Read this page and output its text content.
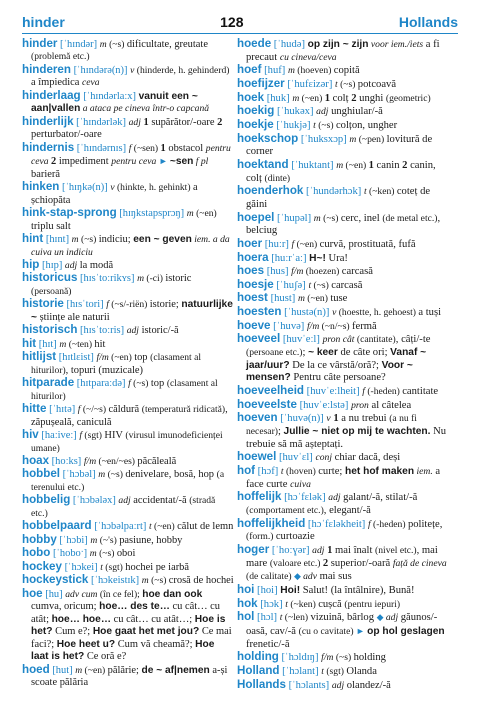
hinder	128	Hollands

hinder [ˈhɪndər] m (~s) dificultate, greutate (problemă etc.)

hinderen [ˈhɪndərə(n)] v (hinderde, h. gehinderd) a împiedica ceva

hinderlaag [ˈhɪndərlaːx] vanuit een ~ aan|vallen a ataca pe cineva într-o capcană

hinderlijk [ˈhɪndərlək] adj 1 supărător/-oare 2 perturbator/-oare

hindernis [ˈhɪndərnɪs] f (~sen) 1 obstacol pentru ceva 2 impediment pentru ceva ► ~sen f pl barieră

hinken [ˈhɪŋkə(n)] v (hinkte, h. gehinkt) a șchiopăta

hink-stap-sprong [hɪŋkstapsprɔŋ] m (~en) triplu salt

hint [hɪnt] m (~s) indiciu; een ~ geven iem. a da cuiva un indiciu

hip [hɪp] adj la modă

historicus [hɪsˈtoːrikʏs] m (-ci) istoric (persoană)

historie [hɪsˈtori] f (~s/-riën) istorie; natuurlijke ~ științe ale naturii

historisch [hɪsˈtoːris] adj istoric/-ă

hit [hɪt] m (~ten) hit

hitlijst [hɪtlɛist] f/m (~en) top (clasament al hiturilor), topuri (muzicale)

hitparade [hɪtparaːdə] f (~s) top (clasament al hiturilor)

hitte [ˈhɪtə] f (~/~s) căldură (temperatură ridicată), zăpușeală, caniculă

hiv [haːiveː] f (sgt) HIV (virusul imunodeficienței umane)

hoax [hoːks] f/m (~en/~es) păcăleală

hobbel [ˈhɔbəl] m (~s) denivelare, bosă, hop (a terenului etc.)

hobbelig [ˈhɔbələx] adj accidentat/-ă (stradă etc.)

hobbelpaard [ˈhɔbəlpaːrt] t (~en) călut de lemn

hobby [ˈhɔbi] m (~'s) pasiune, hobby

hobo [ˈhoboˑ] m (~s) oboi

hockey [ˈhɔkei] t (sgt) hochei pe iarbă

hockeystick [ˈhɔkeistɪk] m (~s) crosă de hochei

hoe [hu] adv cum (în ce fel); hoe dan ook cumva, oricum; hoe… des te… cu cât… cu atât; hoe… hoe… cu cât… cu atât…; Hoe is het? Cum e?; Hoe gaat het met jou? Ce mai faci?; Hoe heet u? Cum vă cheamă?; Hoe laat is het? Ce oră e?

hoed [hut] m (~en) pălărie; de ~ af|nemen a-și scoate pălăria

hoede [ˈhudə] op zijn ~ zijn voor iem./iets a fi precaut cu cineva/ceva

hoef [huf] m (hoeven) copită

hoefijzer [ˈhufɛizər] t (~s) potcoavă

hoek [huk] m (~en) 1 colț 2 unghi (geometric)

hoekig [ˈhukəx] adj unghiular/-ă

hoekje [ˈhukjə] t (~s) colțon, ungher

hoekschop [ˈhuksxɔp] m (~pen) lovitură de corner

hoektand [ˈhuktant] m (~en) 1 canin 2 canin, colț (dinte)

hoenderhok [ˈhundərhɔk] t (~ken) coteț de găini

hoepel [ˈhupəl] m (~s) cerc, inel (de metal etc.), belciug

hoer [huːr] f (~en) curvă, prostituată, fufă

hoera [huːrˈaː] H~! Ura!

hoes [hus] f/m (hoezen) carcasă

hoesje [ˈhuʃə] t (~s) carcasă

hoest [hust] m (~en) tuse

hoesten [ˈhustə(n)] v (hoestte, h. gehoest) a tuși

hoeve [ˈhuvə] f/m (~n/~s) fermă

hoeveel [huvˈeːl] pron cât (cantitate), câți/-te (persoane etc.); ~ keer de câte ori; Vanaf ~ jaar/uur? De la ce vârstă/oră?; Voor ~ mensen? Pentru câte persoane?

hoeveelheid [huvˈeːlheit] f (-heden) cantitate

hoeveelste [huvˈeːlstə] pron al câtelea

hoeven [ˈhuvə(n)] v 1 a nu trebui (a nu fi necesar); Jullie ~ niet op mij te wachten. Nu trebuie să mă așteptați.

hoewel [huvˈɛl] conj chiar dacă, deși

hof [hɔf] t (hoven) curte; het hof maken iem. a face curte cuiva

hoffelijk [hɔˈfɛlək] adj galant/-ă, stilat/-ă (comportament etc.), elegant/-ă

hoffelijkheid [hɔˈfɛləkheit] f (-heden) politețe, (form.) curtoazie

hoger [ˈhoːɣər] adj 1 mai înalt (nivel etc.), mai mare (valoare etc.) 2 superior/-oară față de cineva (de calitate) ◆ adv mai sus

hoi [hoi] Hoi! Salut! (la întâlnire), Bună!

hok [hɔk] t (~ken) cușcă (pentru iepuri)

hol [hɔl] t (~len) vizuină, bârlog ◆ adj găunos/-oasă, cav/-ă (cu o cavitate) ► op hol geslagen frenetic/-ă

holding [ˈhɔldɪŋ] f/m (~s) holding

Holland [ˈhɔlant] t (sgt) Olanda

Hollands [ˈhɔlants] adj olandez/-ă
